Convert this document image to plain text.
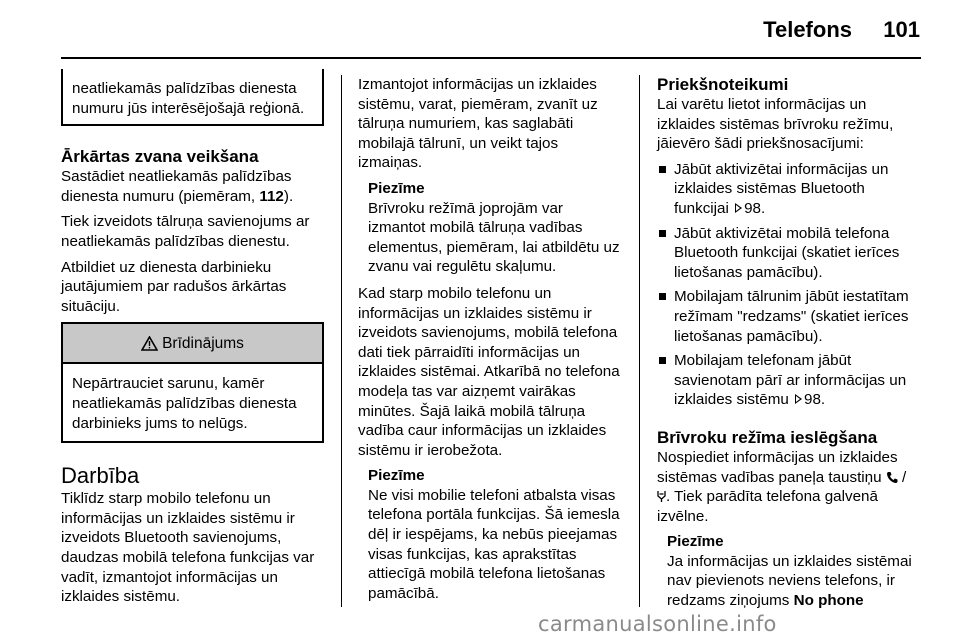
Telefons 101
neatliekamās palīdzības dienesta numuru jūs interēsējošajā reģionā.
Ārkārtas zvana veikšana

Sastādiet neatliekamās palīdzības dienesta numuru (piemēram, 112).

Tiek izveidots tālruņa savienojums ar neatliekamās palīdzības dienestu.

Atbildiet uz dienesta darbinieku jautājumiem par radušos ārkārtas situāciju.

Brīdinājums
Nepārtrauciet sarunu, kamēr neatliekamās palīdzības dienesta darbinieks jums to nelūgs.
Darbība

Tiklīdz starp mobilo telefonu un informācijas un izklaides sistēmu ir izveidots Bluetooth savienojums, daudzas mobilā telefona funkcijas var vadīt, izmantojot informācijas un izklaides sistēmu.

Izmantojot informācijas un izklaides sistēmu, varat, piemēram, zvanīt uz tālruņa numuriem, kas saglabāti mobilajā tālrunī, un veikt tajos izmaiņas.

Piezīme
Brīvroku režīmā joprojām var izmantot mobilā tālruņa vadības elementus, piemēram, lai atbildētu uz zvanu vai regulētu skaļumu.

Kad starp mobilo telefonu un informācijas un izklaides sistēmu ir izveidots savienojums, mobilā telefona dati tiek pārraidīti informācijas un izklaides sistēmai. Atkarībā no telefona modeļa tas var aizņemt vairākas minūtes. Šajā laikā mobilā tālruņa vadība caur informācijas un izklaides sistēmu ir ierobežota.

Piezīme
Ne visi mobilie telefoni atbalsta visas telefona portāla funkcijas. Šā iemesla dēļ ir iespējams, ka nebūs pieejamas visas funkcijas, kas aprakstītas attiecīgā mobilā telefona lietošanas pamācībā.
Priekšnoteikumi

Lai varētu lietot informācijas un izklaides sistēmas brīvroku režīmu, jāievēro šādi priekšnosacījumi:

Jābūt aktivizētai informācijas un izklaides sistēmas Bluetooth funkcijai 98.
Jābūt aktivizētai mobilā telefona Bluetooth funkcijai (skatiet ierīces lietošanas pamācību).
Mobilajam tālrunim jābūt iestatītam režīmam "redzams" (skatiet ierīces lietošanas pamācību).
Mobilajam telefonam jābūt savienotam pārī ar informācijas un izklaides sistēmu 98.
Brīvroku režīma ieslēgšana

Nospiediet informācijas un izklaides sistēmas vadības paneļa taustiņu /
. Tiek parādīta telefona galvenā izvēlne.

Piezīme
Ja informācijas un izklaides sistēmai nav pievienots neviens telefons, ir redzams ziņojums No phone
carmanualsonline.info
